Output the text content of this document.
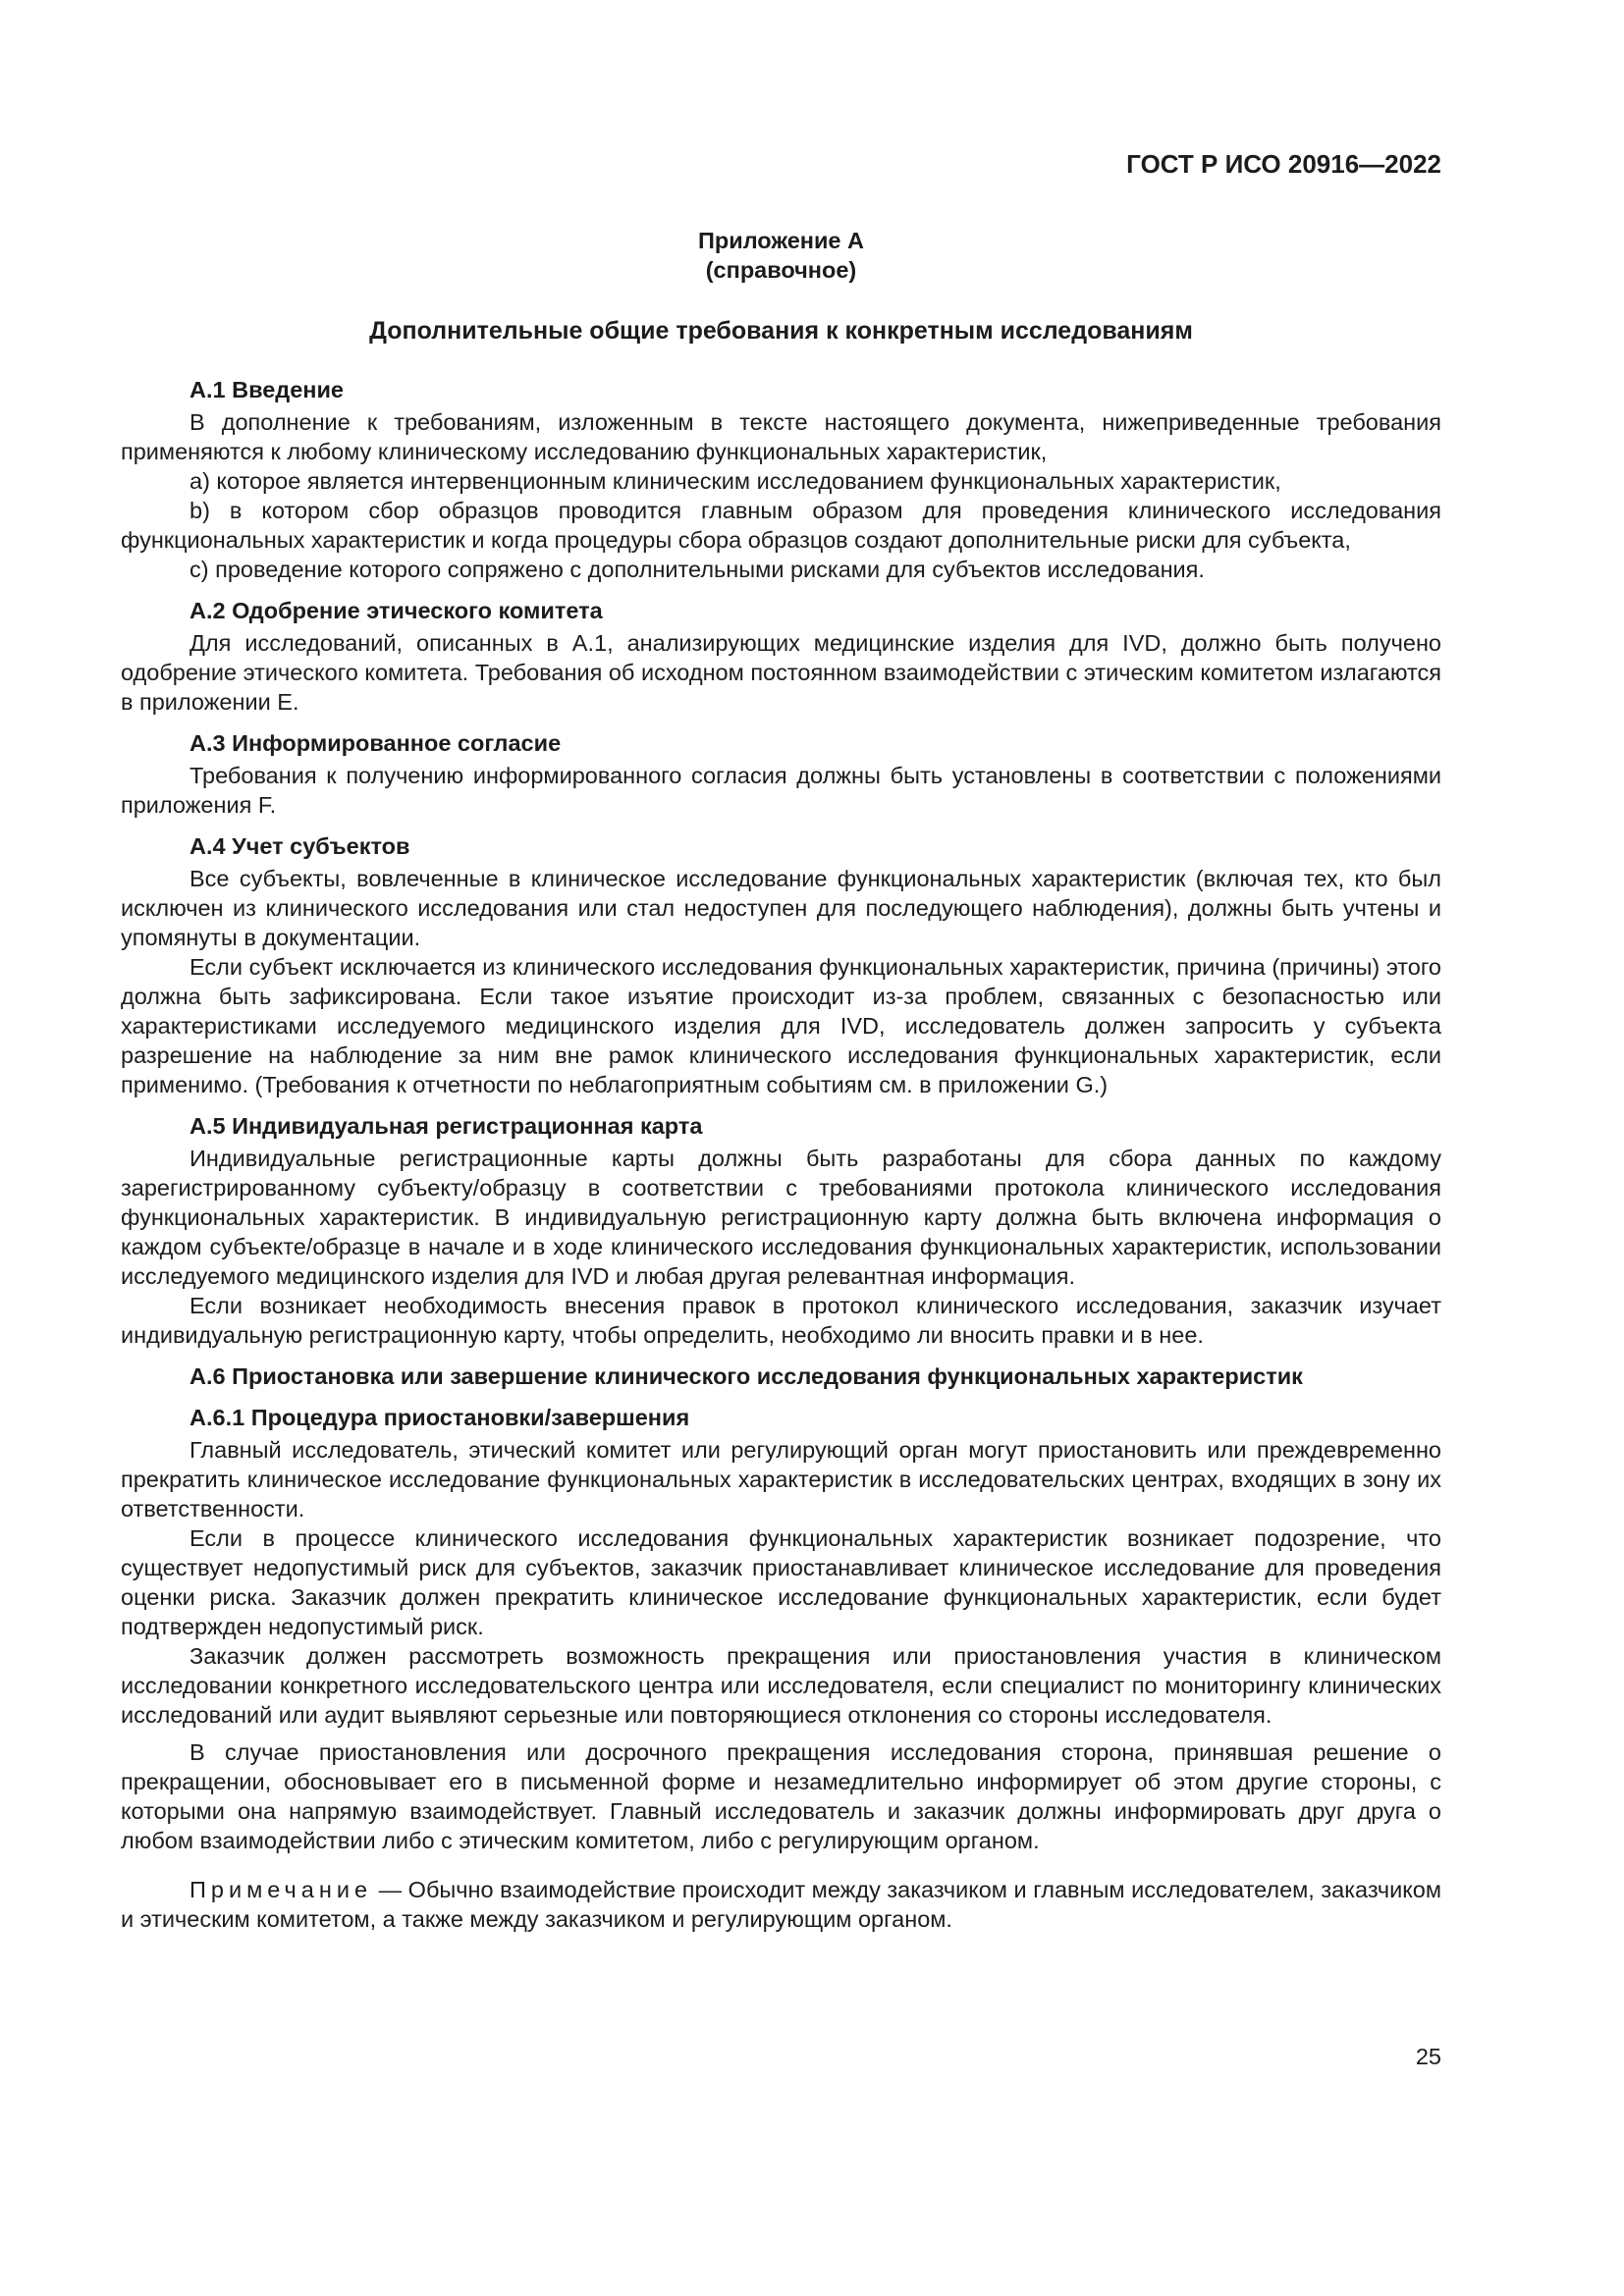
ГОСТ Р ИСО 20916—2022
Приложение А
(справочное)
Дополнительные общие требования к конкретным исследованиям
А.1 Введение

В дополнение к требованиям, изложенным в тексте настоящего документа, нижеприведенные требования применяются к любому клиническому исследованию функциональных характеристик,

a) которое является интервенционным клиническим исследованием функциональных характеристик,

b) в котором сбор образцов проводится главным образом для проведения клинического исследования функциональных характеристик и когда процедуры сбора образцов создают дополнительные риски для субъекта,

c) проведение которого сопряжено с дополнительными рисками для субъектов исследования.

А.2 Одобрение этического комитета

Для исследований, описанных в А.1, анализирующих медицинские изделия для IVD, должно быть получено одобрение этического комитета. Требования об исходном постоянном взаимодействии с этическим комитетом излагаются в приложении Е.

А.3 Информированное согласие

Требования к получению информированного согласия должны быть установлены в соответствии с положениями приложения F.

А.4 Учет субъектов

Все субъекты, вовлеченные в клиническое исследование функциональных характеристик (включая тех, кто был исключен из клинического исследования или стал недоступен для последующего наблюдения), должны быть учтены и упомянуты в документации.

Если субъект исключается из клинического исследования функциональных характеристик, причина (причины) этого должна быть зафиксирована. Если такое изъятие происходит из-за проблем, связанных с безопасностью или характеристиками исследуемого медицинского изделия для IVD, исследователь должен запросить у субъекта разрешение на наблюдение за ним вне рамок клинического исследования функциональных характеристик, если применимо. (Требования к отчетности по неблагоприятным событиям см. в приложении G.)

А.5 Индивидуальная регистрационная карта

Индивидуальные регистрационные карты должны быть разработаны для сбора данных по каждому зарегистрированному субъекту/образцу в соответствии с требованиями протокола клинического исследования функциональных характеристик. В индивидуальную регистрационную карту должна быть включена информация о каждом субъекте/образце в начале и в ходе клинического исследования функциональных характеристик, использовании исследуемого медицинского изделия для IVD и любая другая релевантная информация.

Если возникает необходимость внесения правок в протокол клинического исследования, заказчик изучает индивидуальную регистрационную карту, чтобы определить, необходимо ли вносить правки и в нее.

А.6 Приостановка или завершение клинического исследования функциональных характеристик
А.6.1 Процедура приостановки/завершения

Главный исследователь, этический комитет или регулирующий орган могут приостановить или преждевременно прекратить клиническое исследование функциональных характеристик в исследовательских центрах, входящих в зону их ответственности.

Если в процессе клинического исследования функциональных характеристик возникает подозрение, что существует недопустимый риск для субъектов, заказчик приостанавливает клиническое исследование для проведения оценки риска. Заказчик должен прекратить клиническое исследование функциональных характеристик, если будет подтвержден недопустимый риск.

Заказчик должен рассмотреть возможность прекращения или приостановления участия в клиническом исследовании конкретного исследовательского центра или исследователя, если специалист по мониторингу клинических исследований или аудит выявляют серьезные или повторяющиеся отклонения со стороны исследователя.

В случае приостановления или досрочного прекращения исследования сторона, принявшая решение о прекращении, обосновывает его в письменной форме и незамедлительно информирует об этом другие стороны, с которыми она напрямую взаимодействует. Главный исследователь и заказчик должны информировать друг друга о любом взаимодействии либо с этическим комитетом, либо с регулирующим органом.

Примечание — Обычно взаимодействие происходит между заказчиком и главным исследователем, заказчиком и этическим комитетом, а также между заказчиком и регулирующим органом.

25
